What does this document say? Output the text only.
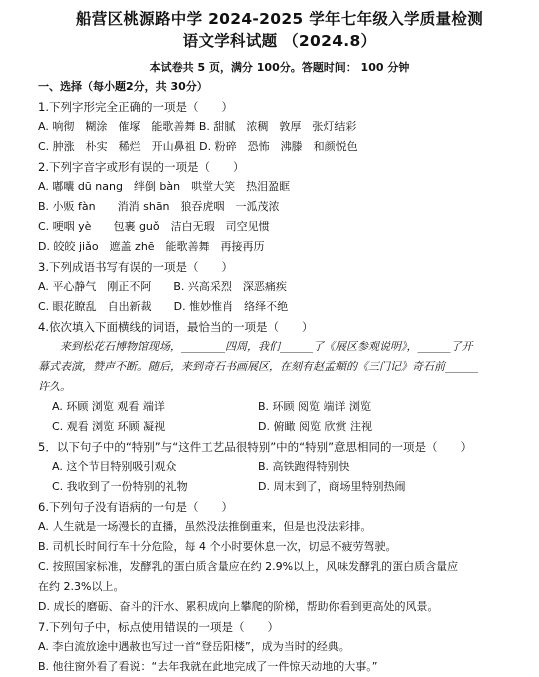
船营区桃源路中学 2024-2025 学年七年级入学质量检测
语文学科试题 （2024.8）
本试卷共 5 页，满分 100分。答题时间： 100 分钟
一、选择（每小题2分，共 30分）
1.下列字形完全正确的一项是（　　）
A. 响彻　糊涂　傕塚　能歌善舞 B. 甜腻　浓稠　敦厚　张灯结彩
C. 肿涨　朴实　稀烂　开山鼻祖 D. 粉碎　恐怖　沸滕　和颜悦色
2.下列字音字或形有误的一项是（　　）
A. 嘟囔 dū nang　绊倒 bàn　哄堂大笑　热泪盈眶
B. 小贩 fàn　　消消 shān　狼吞虎咽　一泒茂浓
C. 哽咽 yè　　包裹 guǒ　洁白无瑕　司空见惯
D. 皎皎 jiǎo　遮盖 zhē　能歌善舞　再接再历
3.下列成语书写有误的一项是（　　）
A. 平心静气　刚正不阿　　B. 兴高采烈　深恶痛疾
C. 眼花瞭乱　自出新裁　　D. 惟妙惟肖　络绎不绝
4.依次填入下面横线的词语，最恰当的一项是（　　）
来到松花石博物馆现场，________四周，我们______了《展区参观说明》，______了开
幕式表演，赞声不断。随后，来到奇石书画展区，在刻有赵孟頫的《三门记》奇石前______
许久。
A. 环顾 浏览 观看 端详	B. 环顾 阅览 端详 浏览
C. 观看 浏览 环顾 凝视	D. 俯瞰 阅览 欣赏 注视
5．以下句子中的“特别”与“这件工艺品很特别”中的“特别”意思相同的一项是（　　）
A. 这个节目特别吸引观众	B. 高铁跑得特别快
C. 我收到了一份特别的礼物	D. 周末到了，商场里特别热闹
6.下列句子没有语病的一句是（　　）
A. 人生就是一场漫长的直播，虽然没法推倒重来，但是也没法彩排。
B. 司机长时间行车十分危险，每 4 个小时要休息一次，切忌不疲劳驾驶。
C. 按照国家标准，发酵乳的蛋白质含量应在约 2.9%以上，风味发酵乳的蛋白质含量应
在约 2.3%以上。
D. 成长的磨砺、奋斗的汗水、累积成向上攀爬的阶梯，帮助你看到更高处的风景。
7.下列句子中，标点使用错误的一项是（　　）
A. 李白流放途中遇赦也写过一首“登岳阳楼”，成为当时的经典。
B. 他往窗外看了看说：“去年我就在此地完成了一件惊天动地的大事。”
